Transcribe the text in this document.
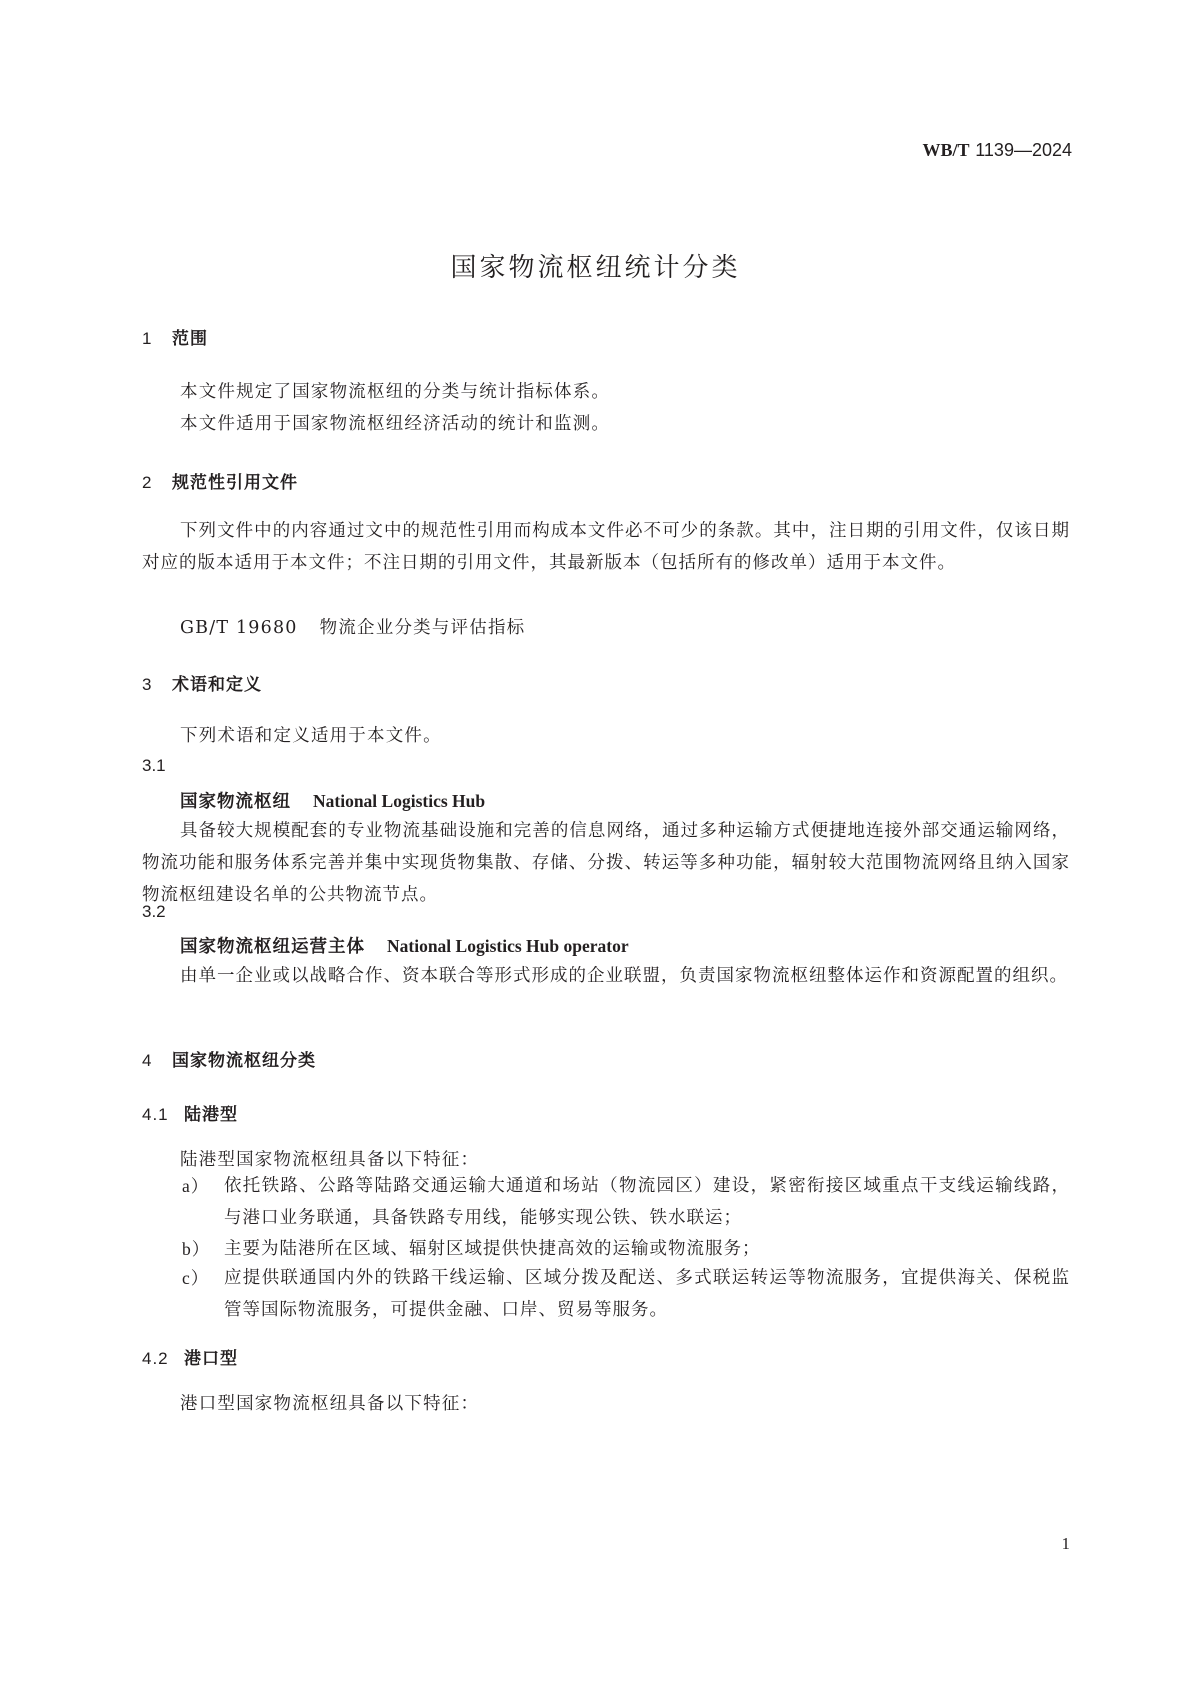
WB/T 1139—2024
国家物流枢纽统计分类
1 范围
本文件规定了国家物流枢纽的分类与统计指标体系。
本文件适用于国家物流枢纽经济活动的统计和监测。
2 规范性引用文件
下列文件中的内容通过文中的规范性引用而构成本文件必不可少的条款。其中，注日期的引用文件，仅该日期对应的版本适用于本文件；不注日期的引用文件，其最新版本（包括所有的修改单）适用于本文件。
GB/T 19680 物流企业分类与评估指标
3 术语和定义
下列术语和定义适用于本文件。
3.1
国家物流枢纽 National Logistics Hub
具备较大规模配套的专业物流基础设施和完善的信息网络，通过多种运输方式便捷地连接外部交通运输网络，物流功能和服务体系完善并集中实现货物集散、存储、分拨、转运等多种功能，辐射较大范围物流网络且纳入国家物流枢纽建设名单的公共物流节点。
3.2
国家物流枢纽运营主体 National Logistics Hub operator
由单一企业或以战略合作、资本联合等形式形成的企业联盟，负责国家物流枢纽整体运作和资源配置的组织。
4 国家物流枢纽分类
4.1 陆港型
陆港型国家物流枢纽具备以下特征：
a） 依托铁路、公路等陆路交通运输大通道和场站（物流园区）建设，紧密衔接区域重点干支线运输线路，与港口业务联通，具备铁路专用线，能够实现公铁、铁水联运；
b） 主要为陆港所在区域、辐射区域提供快捷高效的运输或物流服务；
c） 应提供联通国内外的铁路干线运输、区域分拨及配送、多式联运转运等物流服务，宜提供海关、保税监管等国际物流服务，可提供金融、口岸、贸易等服务。
4.2 港口型
港口型国家物流枢纽具备以下特征：
1
